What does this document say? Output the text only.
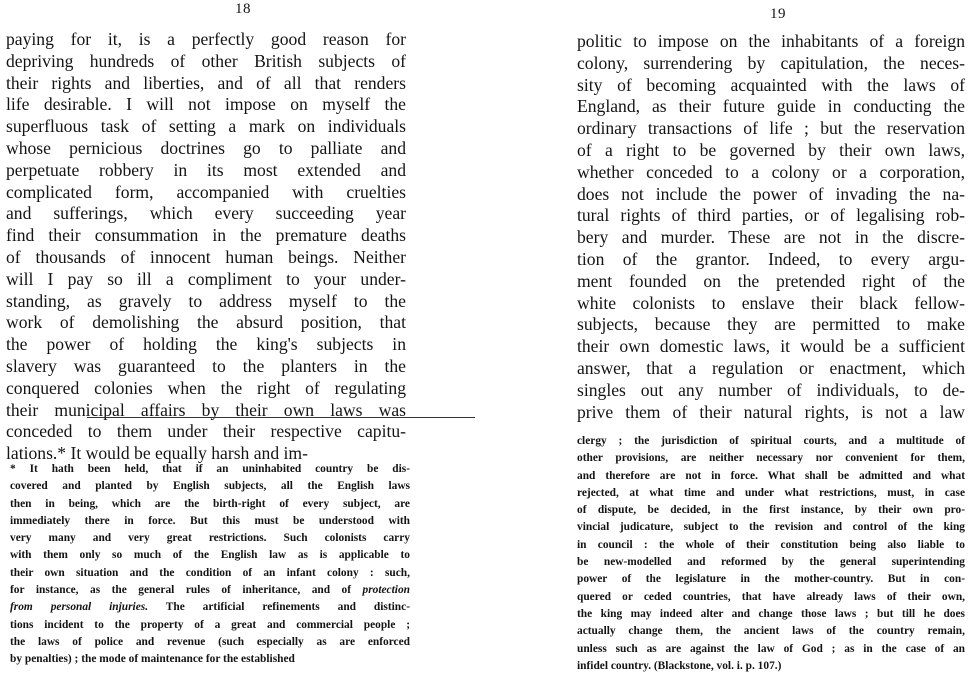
18
paying for it, is a perfectly good reason for
depriving hundreds of other British subjects of
their rights and liberties, and of all that renders
life desirable. I will not impose on myself the
superfluous task of setting a mark on individuals
whose pernicious doctrines go to palliate and
perpetuate robbery in its most extended and
complicated form, accompanied with cruelties
and sufferings, which every succeeding year
find their consummation in the premature deaths
of thousands of innocent human beings. Neither
will I pay so ill a compliment to your under-
standing, as gravely to address myself to the
work of demolishing the absurd position, that
the power of holding the king's subjects in
slavery was guaranteed to the planters in the
conquered colonies when the right of regulating
their municipal affairs by their own laws was
conceded to them under their respective capitu-
lations.* It would be equally harsh and im-
* It hath been held, that if an uninhabited country be dis-
covered and planted by English subjects, all the English laws
then in being, which are the birth-right of every subject, are
immediately there in force. But this must be understood with
very many and very great restrictions. Such colonists carry
with them only so much of the English law as is applicable to
their own situation and the condition of an infant colony : such,
for instance, as the general rules of inheritance, and of protection
from personal injuries. The artificial refinements and distinc-
tions incident to the property of a great and commercial people ;
the laws of police and revenue (such especially as are enforced
by penalties) ; the mode of maintenance for the established
19
politic to impose on the inhabitants of a foreign
colony, surrendering by capitulation, the neces-
sity of becoming acquainted with the laws of
England, as their future guide in conducting the
ordinary transactions of life ; but the reservation
of a right to be governed by their own laws,
whether conceded to a colony or a corporation,
does not include the power of invading the na-
tural rights of third parties, or of legalising rob-
bery and murder. These are not in the discre-
tion of the grantor. Indeed, to every argu-
ment founded on the pretended right of the
white colonists to enslave their black fellow-
subjects, because they are permitted to make
their own domestic laws, it would be a sufficient
answer, that a regulation or enactment, which
singles out any number of individuals, to de-
prive them of their natural rights, is not a law
clergy ; the jurisdiction of spiritual courts, and a multitude of
other provisions, are neither necessary nor convenient for them,
and therefore are not in force. What shall be admitted and what
rejected, at what time and under what restrictions, must, in case
of dispute, be decided, in the first instance, by their own pro-
vincial judicature, subject to the revision and control of the king
in council : the whole of their constitution being also liable to
be new-modelled and reformed by the general superintending
power of the legislature in the mother-country. But in con-
quered or ceded countries, that have already laws of their own,
the king may indeed alter and change those laws ; but till he does
actually change them, the ancient laws of the country remain,
unless such as are against the law of God ; as in the case of an
infidel country. (Blackstone, vol. i. p. 107.)
